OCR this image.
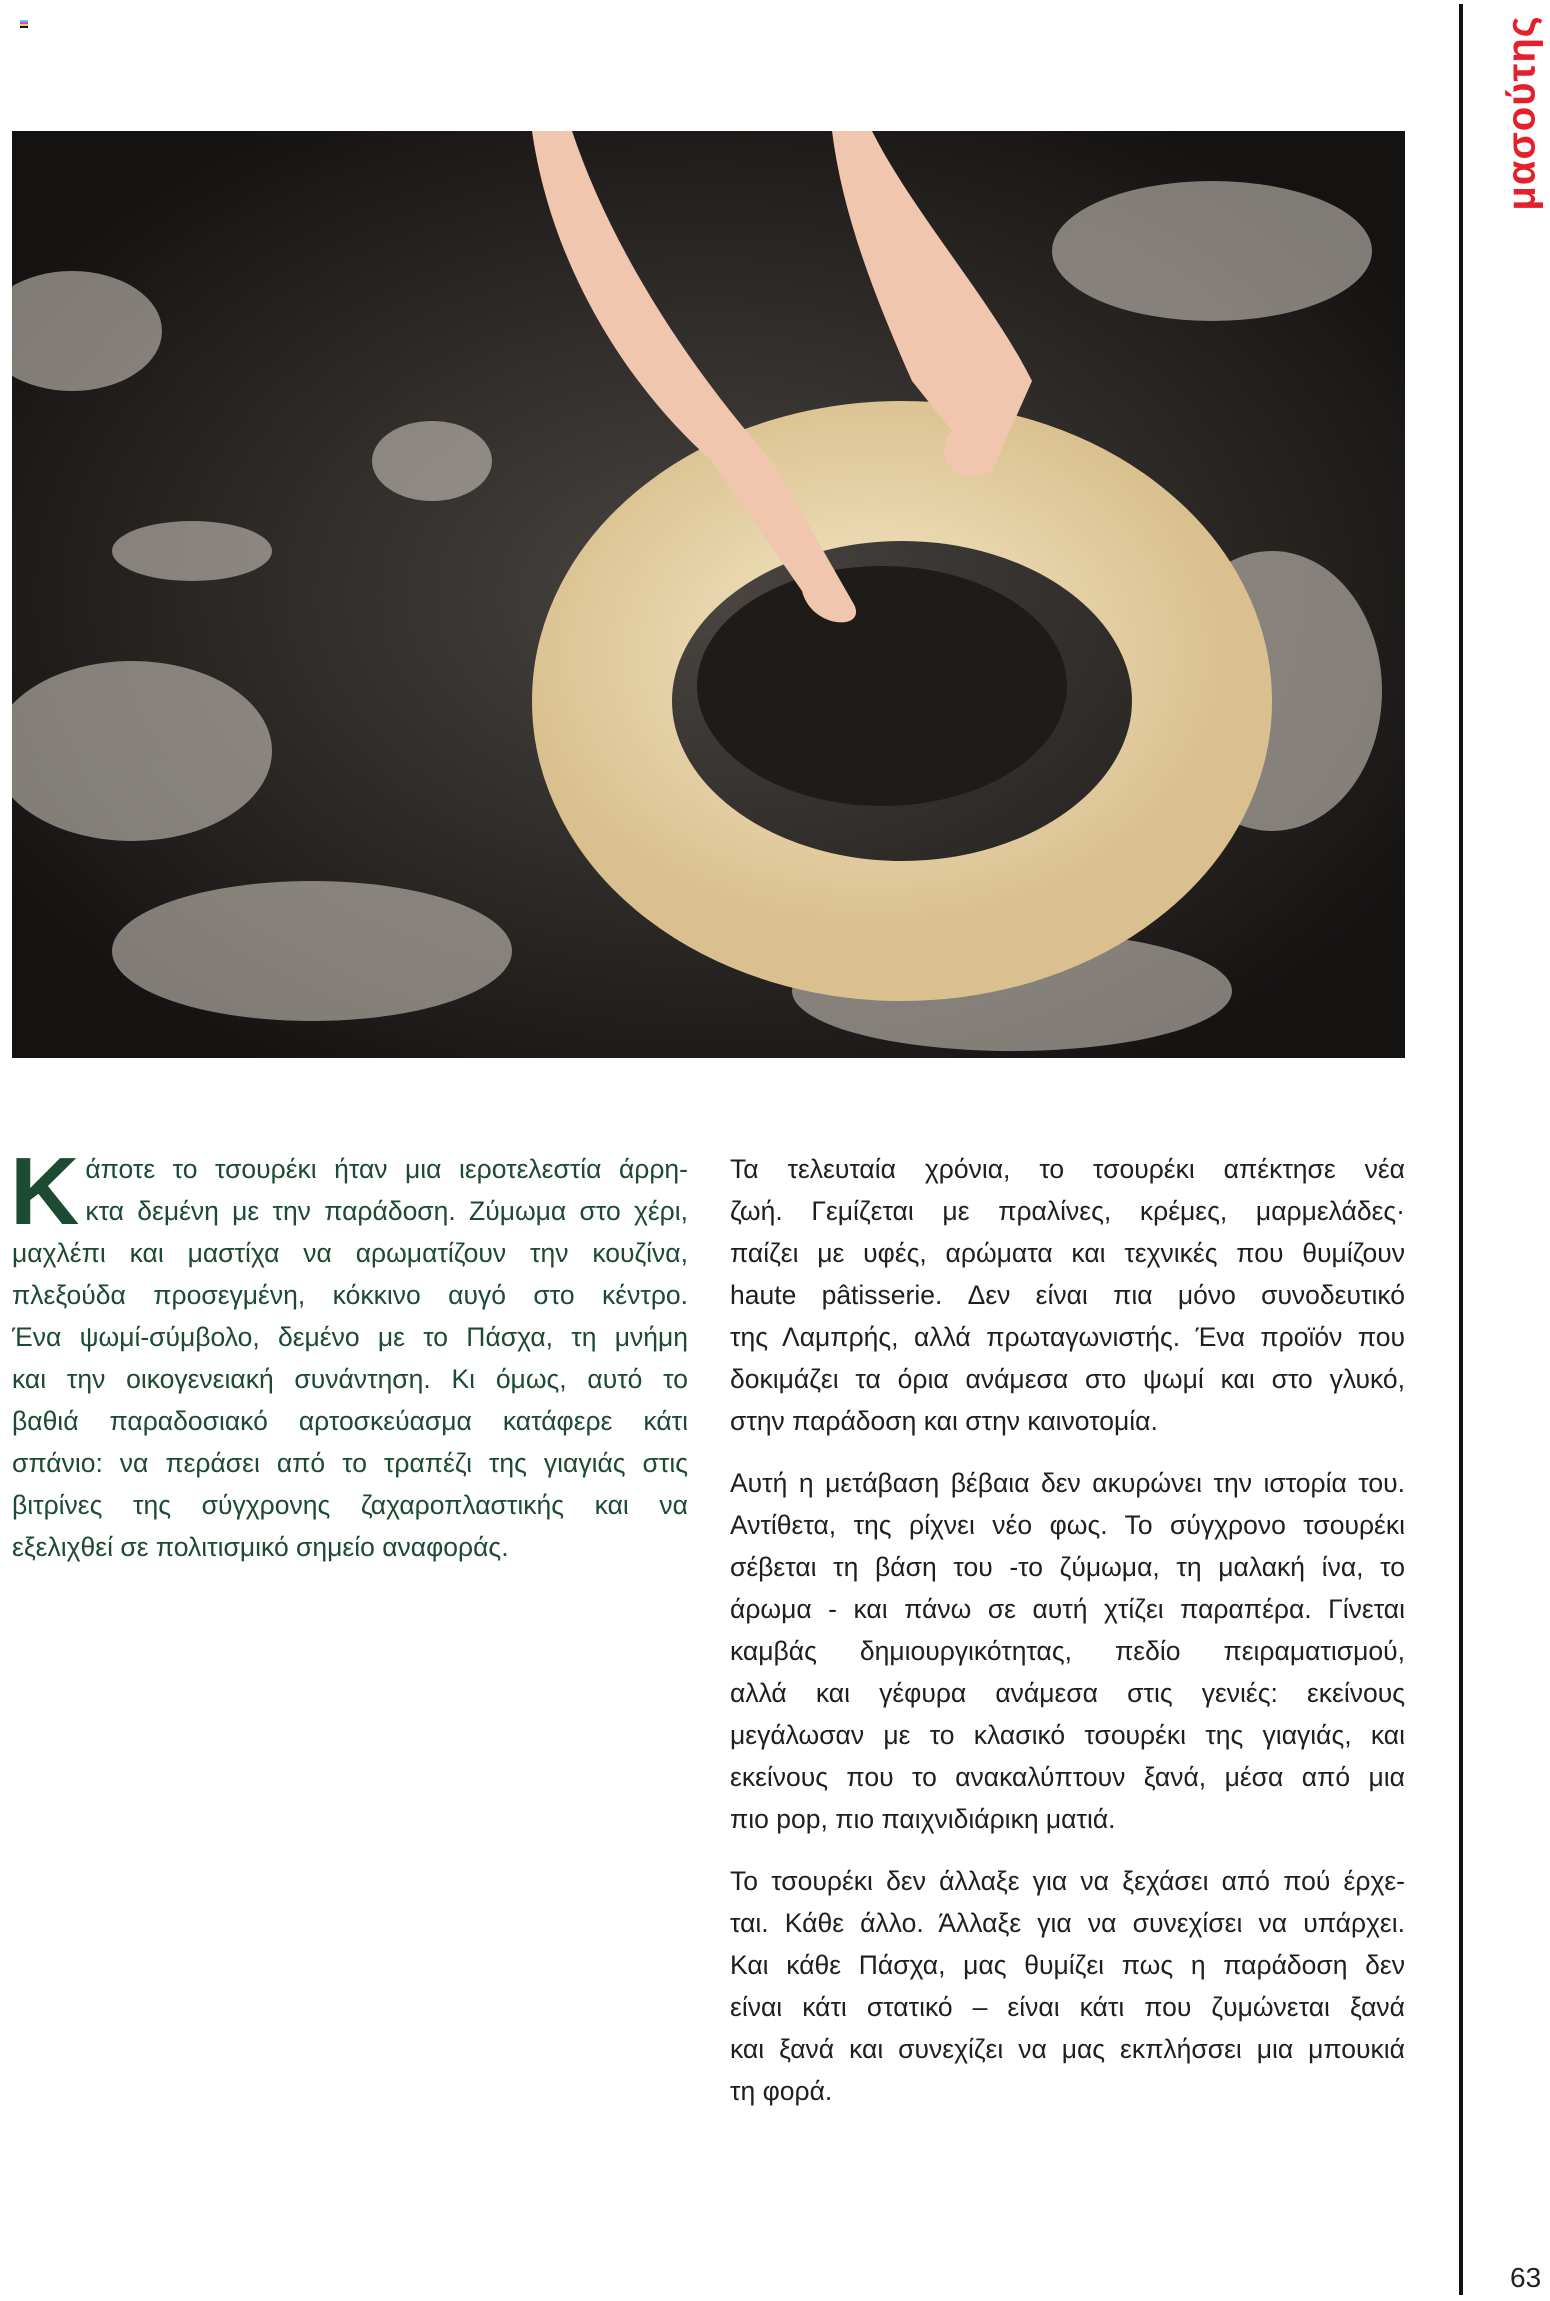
μασούτης
63
Κ άποτε το τσουρέκι ήταν μια ιεροτελεστία άρρη-
κτα δεμένη με την παράδοση. Ζύμωμα στο χέρι,
μαχλέπι και μαστίχα να αρωματίζουν την κουζίνα,
πλεξούδα προσεγμένη, κόκκινο αυγό στο κέντρο.
Ένα ψωμί-σύμβολο, δεμένο με το Πάσχα, τη μνήμη
και την οικογενειακή συνάντηση. Κι όμως, αυτό το
βαθιά παραδοσιακό αρτοσκεύασμα κατάφερε κάτι
σπάνιο: να περάσει από το τραπέζι της γιαγιάς στις
βιτρίνες της σύγχρονης ζαχαροπλαστικής και να
εξελιχθεί σε πολιτισμικό σημείο αναφοράς.
Τα τελευταία χρόνια, το τσουρέκι απέκτησε νέα
ζωή. Γεμίζεται με πραλίνες, κρέμες, μαρμελάδες·
παίζει με υφές, αρώματα και τεχνικές που θυμίζουν
haute pâtisserie. Δεν είναι πια μόνο συνοδευτικό
της Λαμπρής, αλλά πρωταγωνιστής. Ένα προϊόν που
δοκιμάζει τα όρια ανάμεσα στο ψωμί και στο γλυκό,
στην παράδοση και στην καινοτομία.
Αυτή η μετάβαση βέβαια δεν ακυρώνει την ιστορία του.
Αντίθετα, της ρίχνει νέο φως. Το σύγχρονο τσουρέκι
σέβεται τη βάση του -το ζύμωμα, τη μαλακή ίνα, το
άρωμα - και πάνω σε αυτή χτίζει παραπέρα. Γίνεται
καμβάς δημιουργικότητας, πεδίο πειραματισμού,
αλλά και γέφυρα ανάμεσα στις γενιές: εκείνους
μεγάλωσαν με το κλασικό τσουρέκι της γιαγιάς, και
εκείνους που το ανακαλύπτουν ξανά, μέσα από μια
πιο pop, πιο παιχνιδιάρικη ματιά.
Το τσουρέκι δεν άλλαξε για να ξεχάσει από πού έρχε-
ται. Κάθε άλλο. Άλλαξε για να συνεχίσει να υπάρχει.
Και κάθε Πάσχα, μας θυμίζει πως η παράδοση δεν
είναι κάτι στατικό – είναι κάτι που ζυμώνεται ξανά
και ξανά και συνεχίζει να μας εκπλήσσει μια μπουκιά
τη φορά.
